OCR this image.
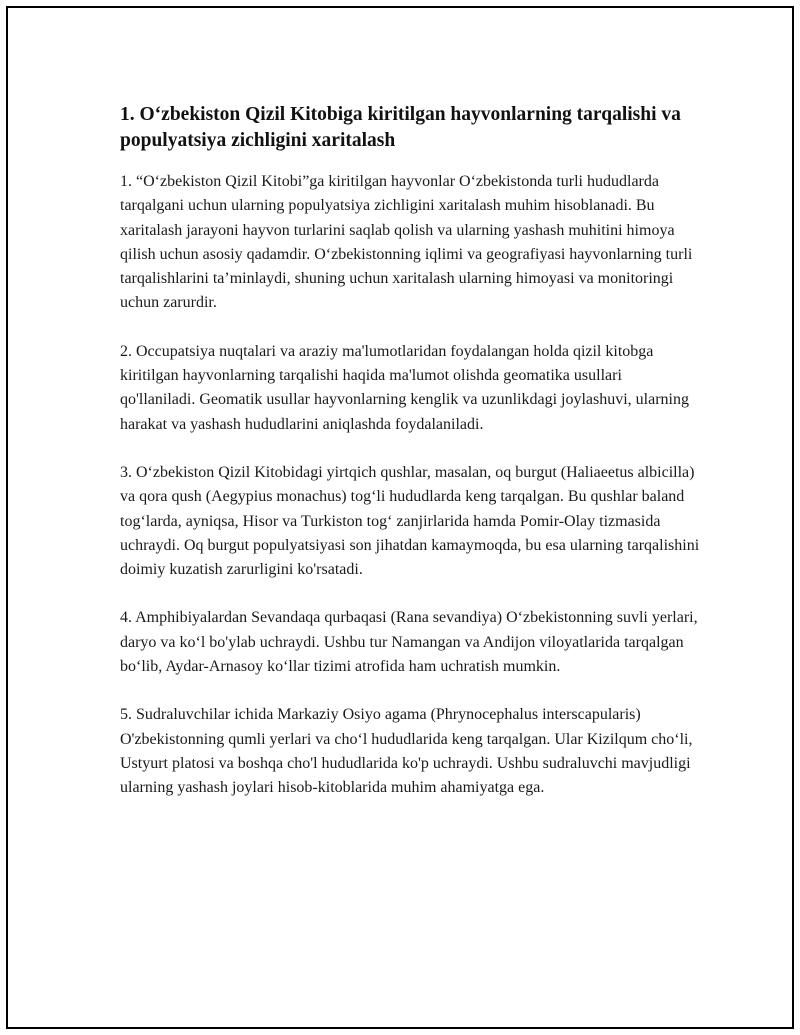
1. O‘zbekiston Qizil Kitobiga kiritilgan hayvonlarning tarqalishi va populyatsiya zichligini xaritalash

1. “O‘zbekiston Qizil Kitobi”ga kiritilgan hayvonlar O‘zbekistonda turli hududlarda tarqalgani uchun ularning populyatsiya zichligini xaritalash muhim hisoblanadi. Bu xaritalash jarayoni hayvon turlarini saqlab qolish va ularning yashash muhitini himoya qilish uchun asosiy qadamdir. O‘zbekistonning iqlimi va geografiyasi hayvonlarning turli tarqalishlarini ta’minlaydi, shuning uchun xaritalash ularning himoyasi va monitoringi uchun zarurdir.

2. Occupatsiya nuqtalari va araziy ma'lumotlaridan foydalangan holda qizil kitobga kiritilgan hayvonlarning tarqalishi haqida ma'lumot olishda geomatika usullari qo'llaniladi. Geomatik usullar hayvonlarning kenglik va uzunlikdagi joylashuvi, ularning harakat va yashash hududlarini aniqlashda foydalaniladi.

3. O‘zbekiston Qizil Kitobidagi yirtqich qushlar, masalan, oq burgut (Haliaeetus albicilla) va qora qush (Aegypius monachus) tog‘li hududlarda keng tarqalgan. Bu qushlar baland tog‘larda, ayniqsa, Hisor va Turkiston tog‘ zanjirlarida hamda Pomir-Olay tizmasida uchraydi. Oq burgut populyatsiyasi son jihatdan kamaymoqda, bu esa ularning tarqalishini doimiy kuzatish zarurligini ko'rsatadi.

4. Amphibiyalardan Sevandaqa qurbaqasi (Rana sevandiya) O‘zbekistonning suvli yerlari, daryo va ko‘l bo'ylab uchraydi. Ushbu tur Namangan va Andijon viloyatlarida tarqalgan bo‘lib, Aydar-Arnasoy ko‘llar tizimi atrofida ham uchratish mumkin.

5. Sudraluvchilar ichida Markaziy Osiyo agama (Phrynocephalus interscapularis) O'zbekistonning qumli yerlari va cho‘l hududlarida keng tarqalgan. Ular Kizilqum cho‘li, Ustyurt platosi va boshqa cho'l hududlarida ko'p uchraydi. Ushbu sudraluvchi mavjudligi ularning yashash joylari hisob-kitoblarida muhim ahamiyatga ega.
